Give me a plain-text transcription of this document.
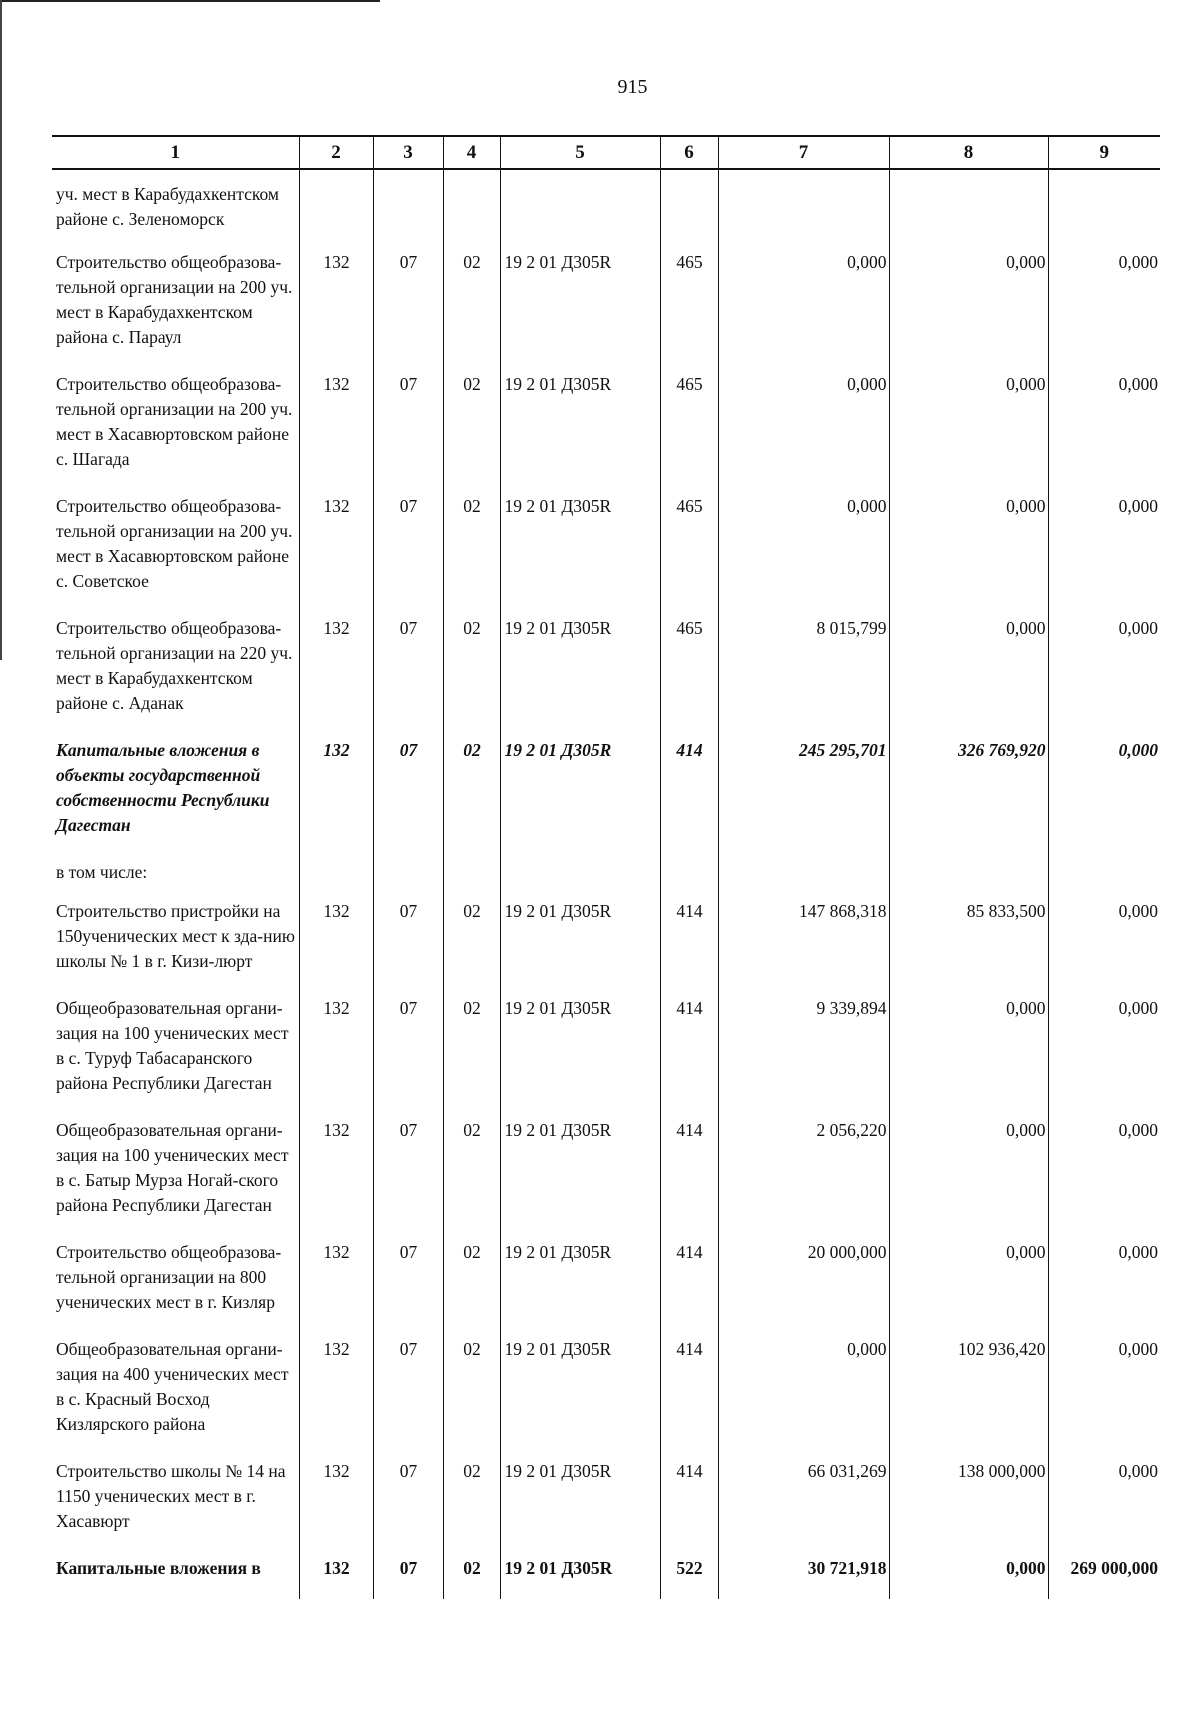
915
1	2	3	4	5	6	7	8	9
уч. мест в Карабудахкентском районе с. Зеленоморск								
Строительство общеобразова-тельной организации на 200 уч. мест в Карабудахкентском района с. Параул	132	07	02	19 2 01 Д305R	465	0,000	0,000	0,000
Строительство общеобразова-тельной организации на 200 уч. мест в Хасавюртовском районе с. Шагада	132	07	02	19 2 01 Д305R	465	0,000	0,000	0,000
Строительство общеобразова-тельной организации на 200 уч. мест в Хасавюртовском районе с. Советское	132	07	02	19 2 01 Д305R	465	0,000	0,000	0,000
Строительство общеобразова-тельной организации на 220 уч. мест в Карабудахкентском районе с. Аданак	132	07	02	19 2 01 Д305R	465	8 015,799	0,000	0,000
Капитальные вложения в объекты государственной собственности Республики Дагестан	132	07	02	19 2 01 Д305R	414	245 295,701	326 769,920	0,000
в том числе:								
Строительство пристройки на 150ученических мест к зда-нию школы № 1 в г. Кизи-люрт	132	07	02	19 2 01 Д305R	414	147 868,318	85 833,500	0,000
Общеобразовательная органи-зация на 100 ученических мест в с. Туруф Табасаранского района Республики Дагестан	132	07	02	19 2 01 Д305R	414	9 339,894	0,000	0,000
Общеобразовательная органи-зация на 100 ученических мест в с. Батыр Мурза Ногай-ского района Республики Дагестан	132	07	02	19 2 01 Д305R	414	2 056,220	0,000	0,000
Строительство общеобразова-тельной организации на 800 ученических мест в г. Кизляр	132	07	02	19 2 01 Д305R	414	20 000,000	0,000	0,000
Общеобразовательная органи-зация на 400 ученических мест в с. Красный Восход Кизлярского района	132	07	02	19 2 01 Д305R	414	0,000	102 936,420	0,000
Строительство школы № 14 на 1150 ученических мест в г. Хасавюрт	132	07	02	19 2 01 Д305R	414	66 031,269	138 000,000	0,000
Капитальные вложения в	132	07	02	19 2 01 Д305R	522	30 721,918	0,000	269 000,000
